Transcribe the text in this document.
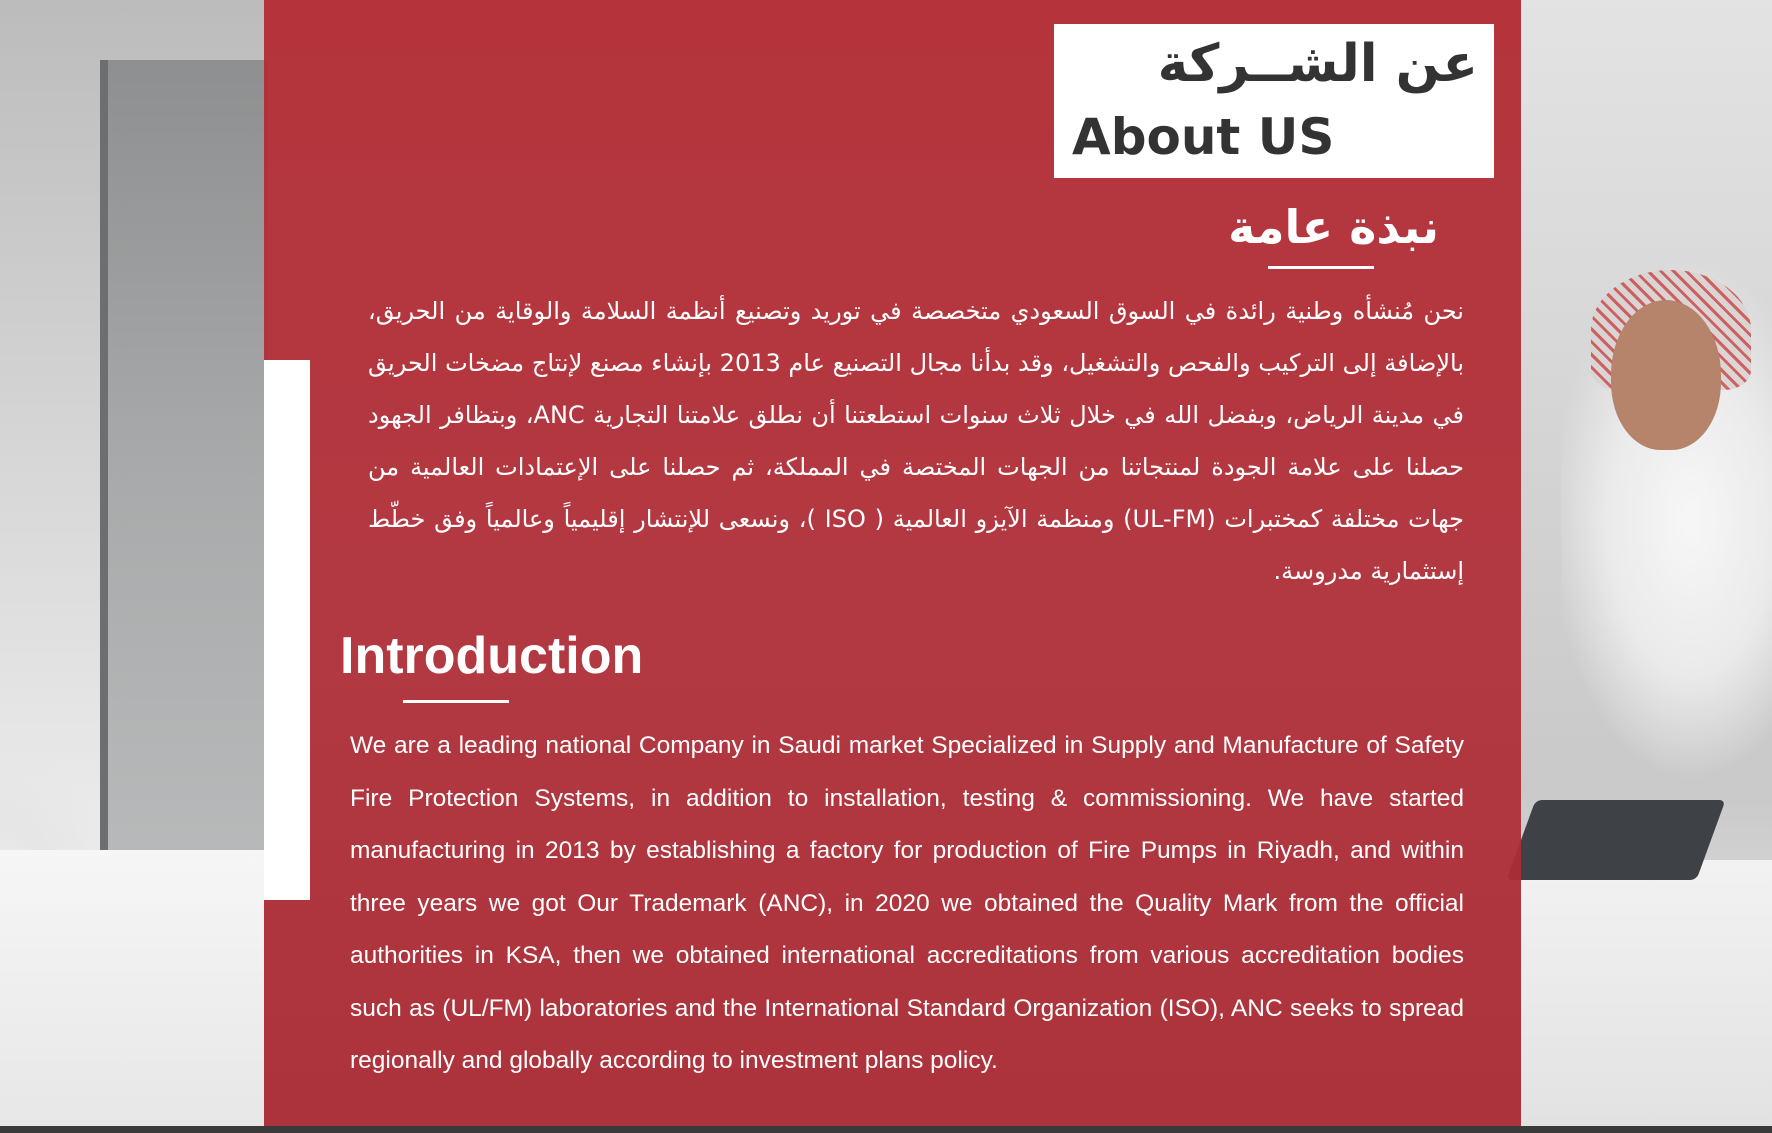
عن الشــركة
About US
نبذة عامة
نحن مُنشأه وطنية رائدة في السوق السعودي متخصصة في توريد وتصنيع أنظمة السلامة والوقاية من الحريق، بالإضافة إلى التركيب والفحص والتشغيل، وقد بدأنا مجال التصنيع عام 2013 بإنشاء مصنع لإنتاج مضخات الحريق في مدينة الرياض، وبفضل الله في خلال ثلاث سنوات استطعتنا أن نطلق علامتنا التجارية ANC، وبتظافر الجهود حصلنا على علامة الجودة لمنتجاتنا من الجهات المختصة في المملكة، ثم حصلنا على الإعتمادات العالمية من جهات مختلفة كمختبرات (UL-FM) ومنظمة الآيزو العالمية ( ISO )، ونسعى للإنتشار إقليمياً وعالمياً وفق خطّط إستثمارية مدروسة.
Introduction
We are a leading national Company in Saudi market Specialized in Supply and Manufacture of Safety Fire Protection Systems, in addition to installation, testing & commissioning. We have started manufacturing in 2013 by establishing a factory for production of Fire Pumps in Riyadh, and within three years we got Our Trademark (ANC), in 2020 we obtained the Quality Mark from the official authorities in KSA, then we obtained international accreditations from various accreditation bodies such as (UL/FM) laboratories and the International Standard Organization (ISO), ANC seeks to spread regionally and globally according to investment plans policy.
